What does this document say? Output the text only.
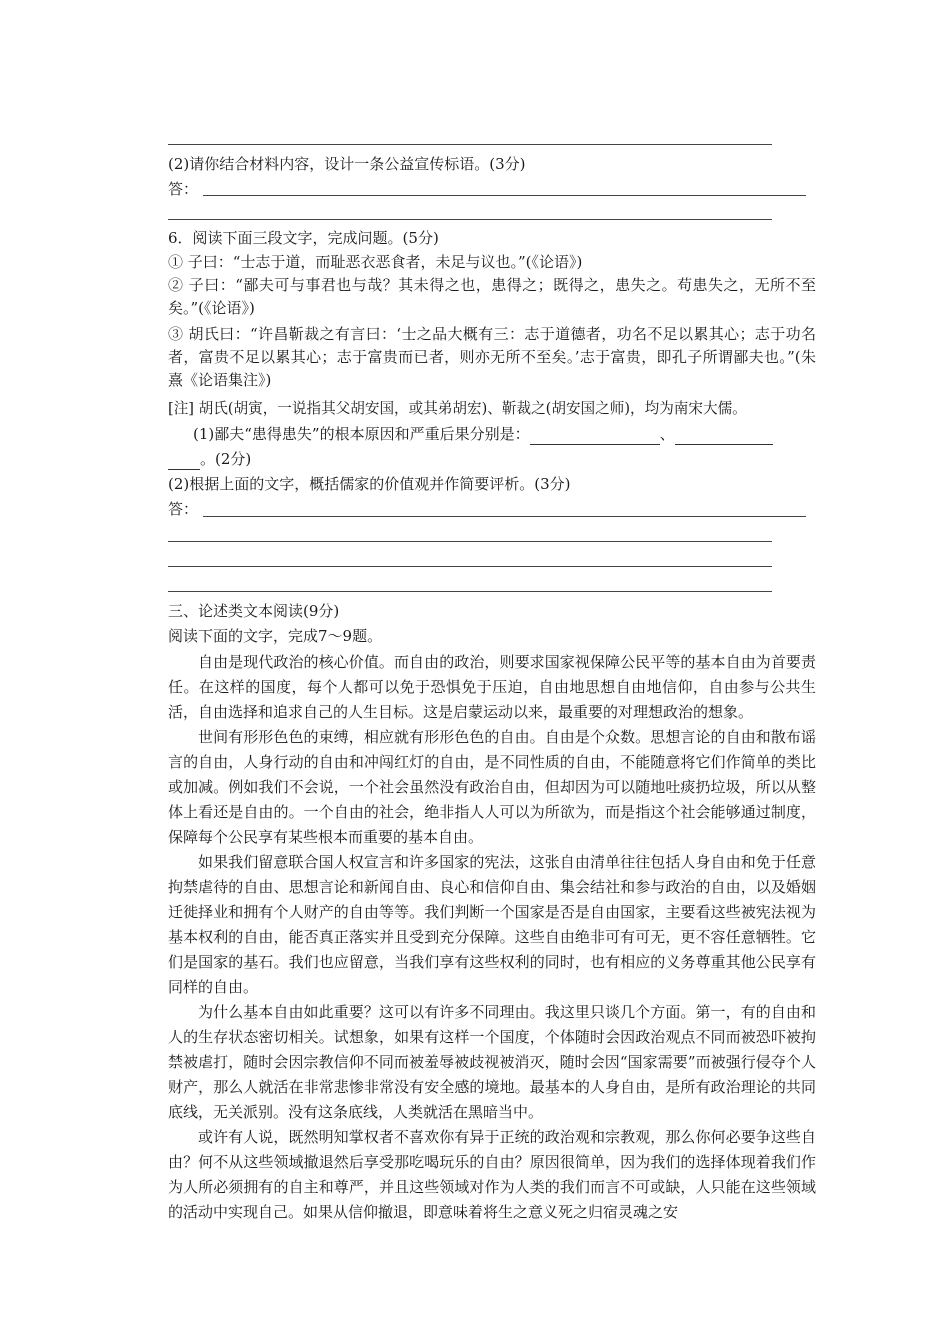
(2)请你结合材料内容，设计一条公益宣传标语。(3分)
答：
6．阅读下面三段文字，完成问题。(5分)
① 子曰：“士志于道，而耻恶衣恶食者，未足与议也。”(《论语》)

② 子曰：“鄙夫可与事君也与哉？其未得之也，患得之；既得之，患失之。苟患失之，无所不至矣。”(《论语》)

③ 胡氏曰：“许昌靳裁之有言曰：‘士之品大概有三：志于道德者，功名不足以累其心；志于功名者，富贵不足以累其心；志于富贵而已者，则亦无所不至矣。’志于富贵，即孔子所谓鄙夫也。”(朱熹《论语集注》)

[注] 胡氏(胡寅，一说指其父胡安国，或其弟胡宏)、靳裁之(胡安国之师)，均为南宋大儒。
(1)鄙夫“患得患失”的根本原因和严重后果分别是：	、
。(2分)
(2)根据上面的文字，概括儒家的价值观并作简要评析。(3分)
答：
三、论述类文本阅读(9分)
阅读下面的文字，完成7～9题。

自由是现代政治的核心价值。而自由的政治，则要求国家视保障公民平等的基本自由为首要责任。在这样的国度，每个人都可以免于恐惧免于压迫，自由地思想自由地信仰，自由参与公共生活，自由选择和追求自己的人生目标。这是启蒙运动以来，最重要的对理想政治的想象。

世间有形形色色的束缚，相应就有形形色色的自由。自由是个众数。思想言论的自由和散布谣言的自由，人身行动的自由和冲闯红灯的自由，是不同性质的自由，不能随意将它们作简单的类比或加减。例如我们不会说，一个社会虽然没有政治自由，但却因为可以随地吐痰扔垃圾，所以从整体上看还是自由的。一个自由的社会，绝非指人人可以为所欲为，而是指这个社会能够通过制度，保障每个公民享有某些根本而重要的基本自由。

如果我们留意联合国人权宣言和许多国家的宪法，这张自由清单往往包括人身自由和免于任意拘禁虐待的自由、思想言论和新闻自由、良心和信仰自由、集会结社和参与政治的自由，以及婚姻迁徙择业和拥有个人财产的自由等等。我们判断一个国家是否是自由国家，主要看这些被宪法视为基本权利的自由，能否真正落实并且受到充分保障。这些自由绝非可有可无，更不容任意牺牲。它们是国家的基石。我们也应留意，当我们享有这些权利的同时，也有相应的义务尊重其他公民享有同样的自由。

为什么基本自由如此重要？这可以有许多不同理由。我这里只谈几个方面。第一，有的自由和人的生存状态密切相关。试想象，如果有这样一个国度，个体随时会因政治观点不同而被恐吓被拘禁被虐打，随时会因宗教信仰不同而被羞辱被歧视被消灭，随时会因“国家需要”而被强行侵夺个人财产，那么人就活在非常悲惨非常没有安全感的境地。最基本的人身自由，是所有政治理论的共同底线，无关派别。没有这条底线，人类就活在黑暗当中。

或许有人说，既然明知掌权者不喜欢你有异于正统的政治观和宗教观，那么你何必要争这些自由？何不从这些领域撤退然后享受那吃喝玩乐的自由？原因很简单，因为我们的选择体现着我们作为人所必须拥有的自主和尊严，并且这些领域对作为人类的我们而言不可或缺，人只能在这些领域的活动中实现自己。如果从信仰撤退，即意味着将生之意义死之归宿灵魂之安
